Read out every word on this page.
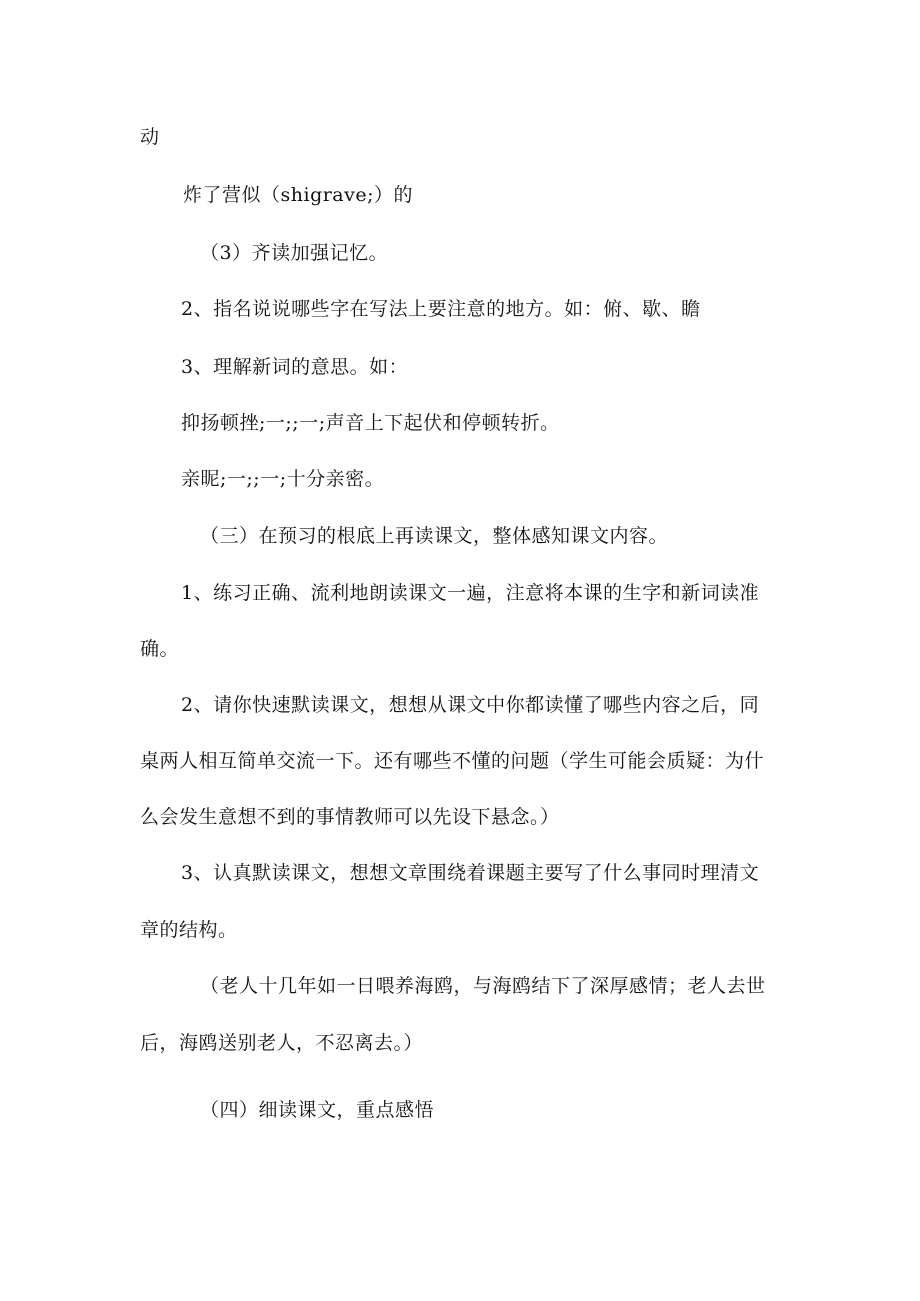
动
炸了营似（shigrave;）的
（3）齐读加强记忆。
2、指名说说哪些字在写法上要注意的地方。如：俯、歇、瞻
3、理解新词的意思。如：
抑扬顿挫;一;;一;声音上下起伏和停顿转折。
亲昵;一;;一;十分亲密。
（三）在预习的根底上再读课文，整体感知课文内容。
1、练习正确、流利地朗读课文一遍，注意将本课的生字和新词读准
确。
2、请你快速默读课文，想想从课文中你都读懂了哪些内容之后，同
桌两人相互简单交流一下。还有哪些不懂的问题（学生可能会质疑：为什
么会发生意想不到的事情教师可以先设下悬念。）
3、认真默读课文，想想文章围绕着课题主要写了什么事同时理清文
章的结构。
（老人十几年如一日喂养海鸥，与海鸥结下了深厚感情；老人去世
后，海鸥送别老人，不忍离去。）
（四）细读课文，重点感悟
